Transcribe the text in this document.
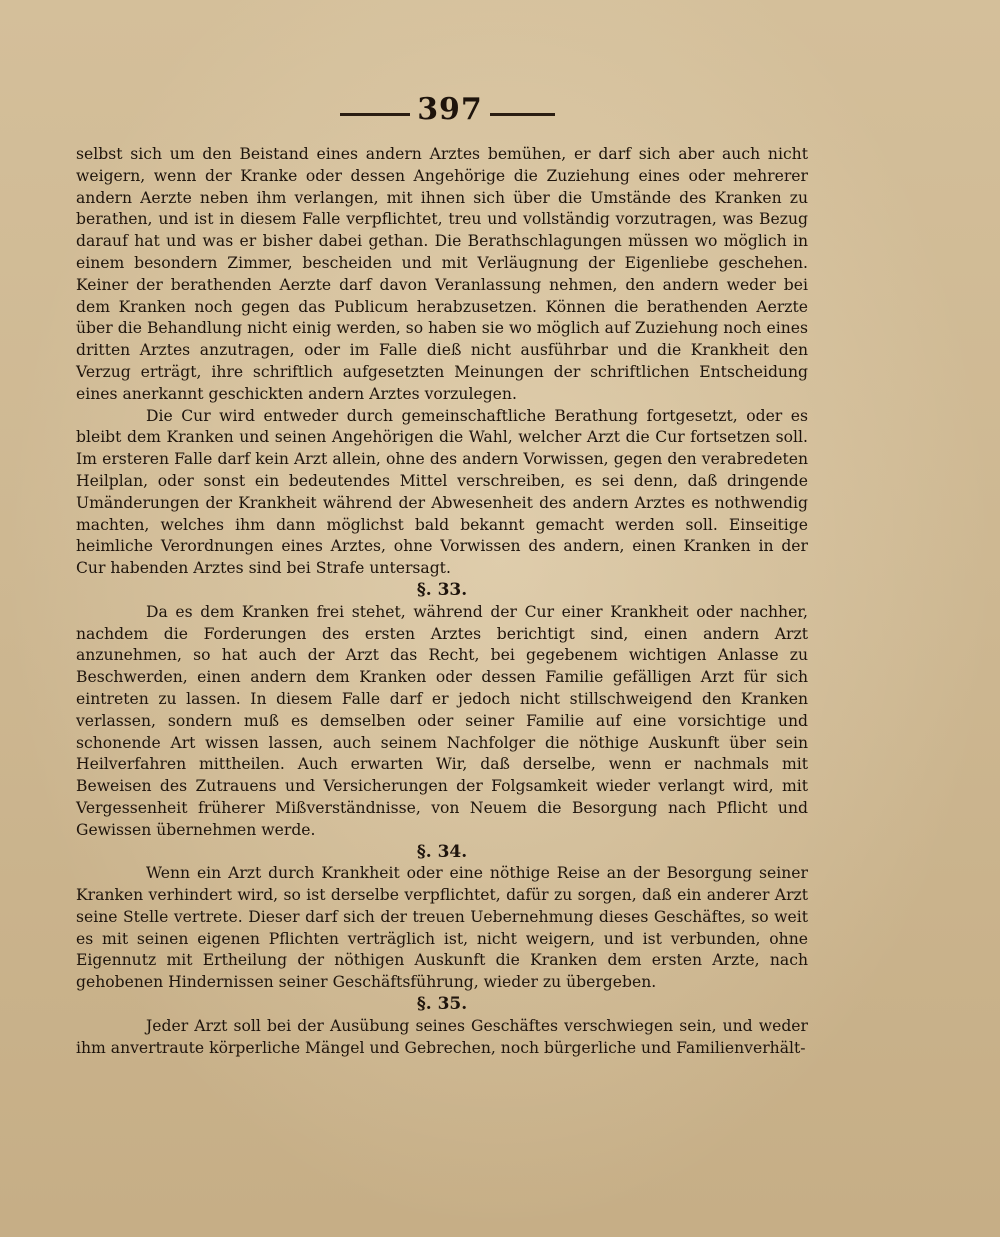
397

selbst sich um den Beistand eines andern Arztes bemühen, er darf sich aber auch nicht weigern, wenn der Kranke oder dessen Angehörige die Zuziehung eines oder mehrerer andern Aerzte neben ihm verlangen, mit ihnen sich über die Umstände des Kranken zu berathen, und ist in diesem Falle verpflichtet, treu und vollständig vorzutragen, was Bezug darauf hat und was er bisher dabei gethan. Die Berathschlagungen müssen wo möglich in einem besondern Zimmer, bescheiden und mit Verläugnung der Eigenliebe geschehen. Keiner der berathenden Aerzte darf davon Veranlassung nehmen, den andern weder bei dem Kranken noch gegen das Publicum herabzusetzen. Können die berathenden Aerzte über die Behandlung nicht einig werden, so haben sie wo möglich auf Zuziehung noch eines dritten Arztes anzutragen, oder im Falle dieß nicht ausführbar und die Krankheit den Verzug erträgt, ihre schriftlich aufgesetzten Meinungen der schriftlichen Entscheidung eines anerkannt geschickten andern Arztes vorzulegen.

Die Cur wird entweder durch gemeinschaftliche Berathung fortgesetzt, oder es bleibt dem Kranken und seinen Angehörigen die Wahl, welcher Arzt die Cur fortsetzen soll. Im ersteren Falle darf kein Arzt allein, ohne des andern Vorwissen, gegen den verabredeten Heilplan, oder sonst ein bedeutendes Mittel verschreiben, es sei denn, daß dringende Umänderungen der Krankheit während der Abwesenheit des andern Arztes es nothwendig machten, welches ihm dann möglichst bald bekannt gemacht werden soll. Einseitige heimliche Verordnungen eines Arztes, ohne Vorwissen des andern, einen Kranken in der Cur habenden Arztes sind bei Strafe untersagt.

§. 33.

Da es dem Kranken frei stehet, während der Cur einer Krankheit oder nachher, nachdem die Forderungen des ersten Arztes berichtigt sind, einen andern Arzt anzunehmen, so hat auch der Arzt das Recht, bei gegebenem wichtigen Anlasse zu Beschwerden, einen andern dem Kranken oder dessen Familie gefälligen Arzt für sich eintreten zu lassen. In diesem Falle darf er jedoch nicht stillschweigend den Kranken verlassen, sondern muß es demselben oder seiner Familie auf eine vorsichtige und schonende Art wissen lassen, auch seinem Nachfolger die nöthige Auskunft über sein Heilverfahren mittheilen. Auch erwarten Wir, daß derselbe, wenn er nachmals mit Beweisen des Zutrauens und Versicherungen der Folgsamkeit wieder verlangt wird, mit Vergessenheit früherer Mißverständnisse, von Neuem die Besorgung nach Pflicht und Gewissen übernehmen werde.

§. 34.

Wenn ein Arzt durch Krankheit oder eine nöthige Reise an der Besorgung seiner Kranken verhindert wird, so ist derselbe verpflichtet, dafür zu sorgen, daß ein anderer Arzt seine Stelle vertrete. Dieser darf sich der treuen Uebernehmung dieses Geschäftes, so weit es mit seinen eigenen Pflichten verträglich ist, nicht weigern, und ist verbunden, ohne Eigennutz mit Ertheilung der nöthigen Auskunft die Kranken dem ersten Arzte, nach gehobenen Hindernissen seiner Geschäftsführung, wieder zu übergeben.

§. 35.

Jeder Arzt soll bei der Ausübung seines Geschäftes verschwiegen sein, und weder ihm anvertraute körperliche Mängel und Gebrechen, noch bürgerliche und Familienverhält-
